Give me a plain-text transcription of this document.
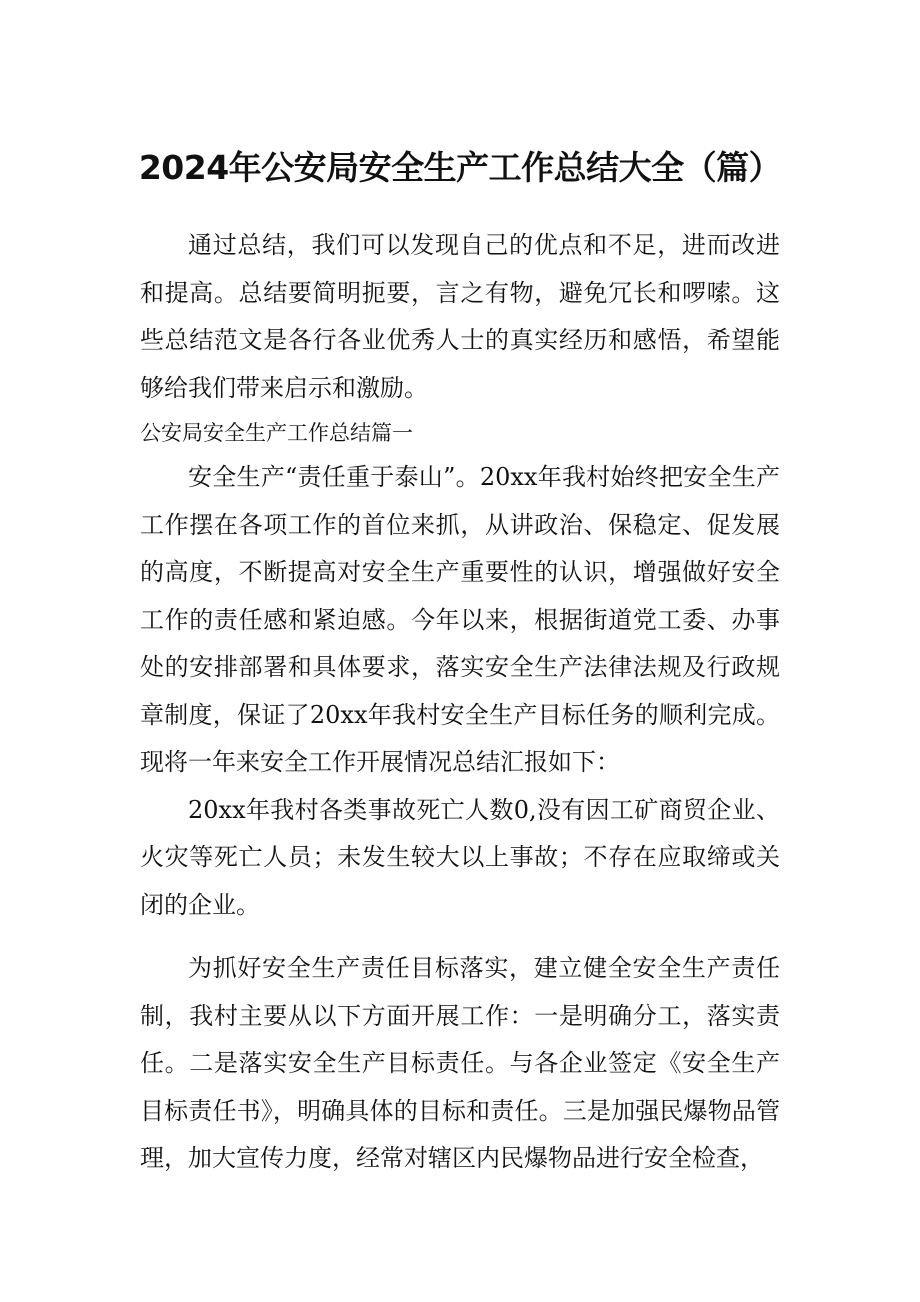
2024年公安局安全生产工作总结大全（篇）

通过总结，我们可以发现自己的优点和不足，进而改进和提高。总结要简明扼要，言之有物，避免冗长和啰嗦。这些总结范文是各行各业优秀人士的真实经历和感悟，希望能够给我们带来启示和激励。

公安局安全生产工作总结篇一

安全生产“责任重于泰山”。20xx年我村始终把安全生产工作摆在各项工作的首位来抓，从讲政治、保稳定、促发展的高度，不断提高对安全生产重要性的认识，增强做好安全工作的责任感和紧迫感。今年以来，根据街道党工委、办事处的安排部署和具体要求，落实安全生产法律法规及行政规章制度，保证了20xx年我村安全生产目标任务的顺利完成。现将一年来安全工作开展情况总结汇报如下：

20xx年我村各类事故死亡人数0,没有因工矿商贸企业、火灾等死亡人员；未发生较大以上事故；不存在应取缔或关闭的企业。

为抓好安全生产责任目标落实，建立健全安全生产责任制，我村主要从以下方面开展工作：一是明确分工，落实责任。二是落实安全生产目标责任。与各企业签定《安全生产目标责任书》，明确具体的目标和责任。三是加强民爆物品管理，加大宣传力度，经常对辖区内民爆物品进行安全检查，
